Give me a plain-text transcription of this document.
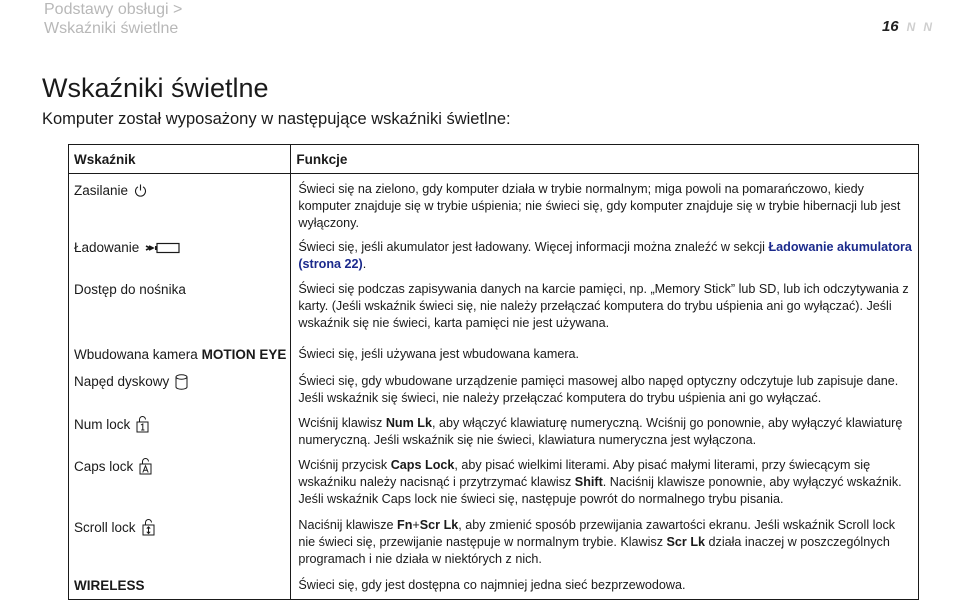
Podstawy obsługi >
Wskaźniki świetlne	16 N N
Wskaźniki świetlne
Komputer został wyposażony w następujące wskaźniki świetlne:
Wskaźnik	Funkcje

Zasilanie	Świeci się na zielono, gdy komputer działa w trybie normalnym; miga powoli na pomarańczowo, kiedy komputer znajduje się w trybie uśpienia; nie świeci się, gdy komputer znajduje się w trybie hibernacji lub jest wyłączony.

Ładowanie	Świeci się, jeśli akumulator jest ładowany. Więcej informacji można znaleźć w sekcji Ładowanie akumulatora (strona 22).
Dostęp do nośnika	Świeci się podczas zapisywania danych na karcie pamięci, np. „Memory Stick” lub SD, lub ich odczytywania z karty. (Jeśli wskaźnik świeci się, nie należy przełączać komputera do trybu uśpienia ani go wyłączać). Jeśli wskaźnik się nie świeci, karta pamięci nie jest używana.
Wbudowana kamera MOTION EYE	Świeci się, jeśli używana jest wbudowana kamera.

Napęd dyskowy	Świeci się, gdy wbudowane urządzenie pamięci masowej albo napęd optyczny odczytuje lub zapisuje dane. Jeśli wskaźnik się świeci, nie należy przełączać komputera do trybu uśpienia ani go wyłączać.

Num lock	Wciśnij klawisz Num Lk, aby włączyć klawiaturę numeryczną. Wciśnij go ponownie, aby wyłączyć klawiaturę numeryczną. Jeśli wskaźnik się nie świeci, klawiatura numeryczna jest wyłączona.

Caps lock	Wciśnij przycisk Caps Lock, aby pisać wielkimi literami. Aby pisać małymi literami, przy świecącym się wskaźniku należy nacisnąć i przytrzymać klawisz Shift. Naciśnij klawisze ponownie, aby wyłączyć wskaźnik. Jeśli wskaźnik Caps lock nie świeci się, następuje powrót do normalnego trybu pisania.

Scroll lock	Naciśnij klawisze Fn+Scr Lk, aby zmienić sposób przewijania zawartości ekranu. Jeśli wskaźnik Scroll lock nie świeci się, przewijanie następuje w normalnym trybie. Klawisz Scr Lk działa inaczej w poszczególnych programach i nie działa w niektórych z nich.
WIRELESS	Świeci się, gdy jest dostępna co najmniej jedna sieć bezprzewodowa.
